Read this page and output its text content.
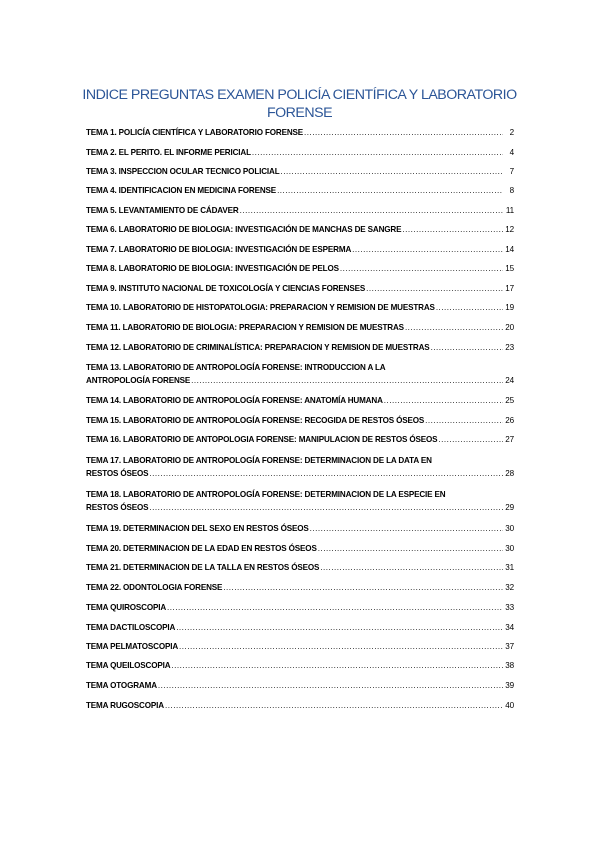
INDICE PREGUNTAS EXAMEN POLICÍA CIENTÍFICA Y LABORATORIO
FORENSE
TEMA 1. POLICÍA CIENTÍFICA Y LABORATORIO FORENSE .....	2
TEMA 2. EL PERITO. EL INFORME PERICIAL .....	4
TEMA 3. INSPECCION OCULAR TECNICO POLICIAL .....	7
TEMA 4. IDENTIFICACION EN MEDICINA FORENSE .....	8
TEMA 5. LEVANTAMIENTO DE CÁDAVER .....	11
TEMA 6. LABORATORIO DE BIOLOGIA: INVESTIGACIÓN DE MANCHAS DE SANGRE .....	12
TEMA 7. LABORATORIO DE BIOLOGIA: INVESTIGACIÓN DE ESPERMA .....	14
TEMA 8. LABORATORIO DE BIOLOGIA: INVESTIGACIÓN DE PELOS .....	15
TEMA 9. INSTITUTO NACIONAL DE TOXICOLOGÍA Y CIENCIAS FORENSES .....	17
TEMA 10. LABORATORIO DE HISTOPATOLOGIA: PREPARACION Y REMISION DE MUESTRAS .....	19
TEMA 11. LABORATORIO DE BIOLOGIA: PREPARACION Y REMISION DE MUESTRAS .....	20
TEMA 12. LABORATORIO DE CRIMINALÍSTICA: PREPARACION Y REMISION DE MUESTRAS .....	23
TEMA 13. LABORATORIO DE ANTROPOLOGÍA FORENSE: INTRODUCCION A LA
ANTROPOLOGÍA FORENSE .....	24
TEMA 14. LABORATORIO DE ANTROPOLOGÍA FORENSE: ANATOMÍA HUMANA .....	25
TEMA 15. LABORATORIO DE ANTROPOLOGÍA FORENSE: RECOGIDA DE RESTOS ÓSEOS .....	26
TEMA 16. LABORATORIO DE ANTOPOLOGIA FORENSE: MANIPULACION DE RESTOS ÓSEOS .....	27
TEMA 17. LABORATORIO DE ANTROPOLOGÍA FORENSE: DETERMINACION DE LA DATA EN
RESTOS ÓSEOS .....	28
TEMA 18. LABORATORIO DE ANTROPOLOGÍA FORENSE: DETERMINACION DE LA ESPECIE EN
RESTOS ÓSEOS .....	29
TEMA 19. DETERMINACION DEL SEXO EN RESTOS ÓSEOS .....	30
TEMA 20. DETERMINACION DE LA EDAD EN RESTOS ÓSEOS .....	30
TEMA 21. DETERMINACION DE LA TALLA EN RESTOS ÓSEOS .....	31
TEMA 22. ODONTOLOGIA FORENSE .....	32
TEMA QUIROSCOPIA .....	33
TEMA DACTILOSCOPIA .....	34
TEMA PELMATOSCOPIA .....	37
TEMA QUEILOSCOPIA .....	38
TEMA OTOGRAMA .....	39
TEMA RUGOSCOPIA .....	40
